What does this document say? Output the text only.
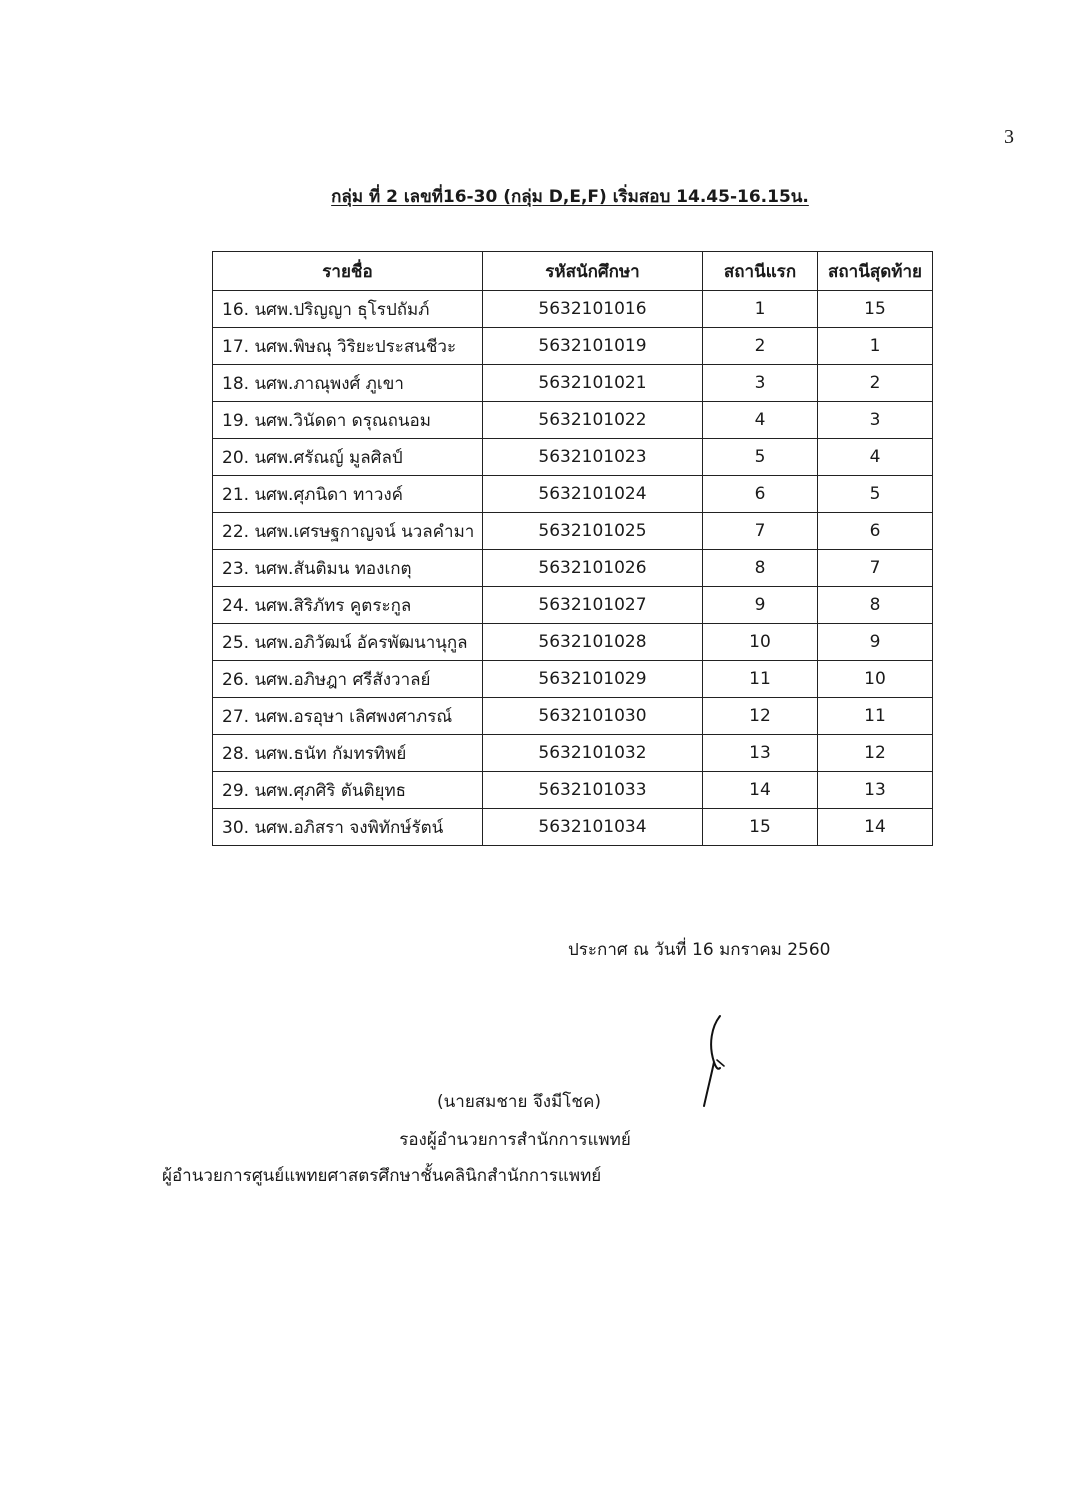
3
กลุ่ม ที่ 2 เลขที่16-30 (กลุ่ม D,E,F) เริ่มสอบ 14.45-16.15น.
รายชื่อ	รหัสนักศึกษา	สถานีแรก	สถานีสุดท้าย
16. นศพ.ปริญญา ธุโรปถัมภ์	5632101016	1	15
17. นศพ.พิษณุ วิริยะประสนชีวะ	5632101019	2	1
18. นศพ.ภาณุพงศ์ ภูเขา	5632101021	3	2
19. นศพ.วินัดดา ดรุณถนอม	5632101022	4	3
20. นศพ.ศรัณญ์ มูลศิลป์	5632101023	5	4
21. นศพ.ศุภนิดา ทาวงค์	5632101024	6	5
22. นศพ.เศรษฐกาญจน์ นวลคำมา	5632101025	7	6
23. นศพ.สันติมน ทองเกตุ	5632101026	8	7
24. นศพ.สิริภัทร คูตระกูล	5632101027	9	8
25. นศพ.อภิวัฒน์ อัครพัฒนานุกูล	5632101028	10	9
26. นศพ.อภิษฎา ศรีสังวาลย์	5632101029	11	10
27. นศพ.อรอุษา เลิศพงศาภรณ์	5632101030	12	11
28. นศพ.ธนัท กัมทรทิพย์	5632101032	13	12
29. นศพ.ศุภศิริ ตันติยุทธ	5632101033	14	13
30. นศพ.อภิสรา จงพิทักษ์รัตน์	5632101034	15	14
ประกาศ ณ วันที่ 16 มกราคม 2560
(นายสมชาย จึงมีโชค)
รองผู้อำนวยการสำนักการแพทย์
ผู้อำนวยการศูนย์แพทยศาสตรศึกษาชั้นคลินิกสำนักการแพทย์
